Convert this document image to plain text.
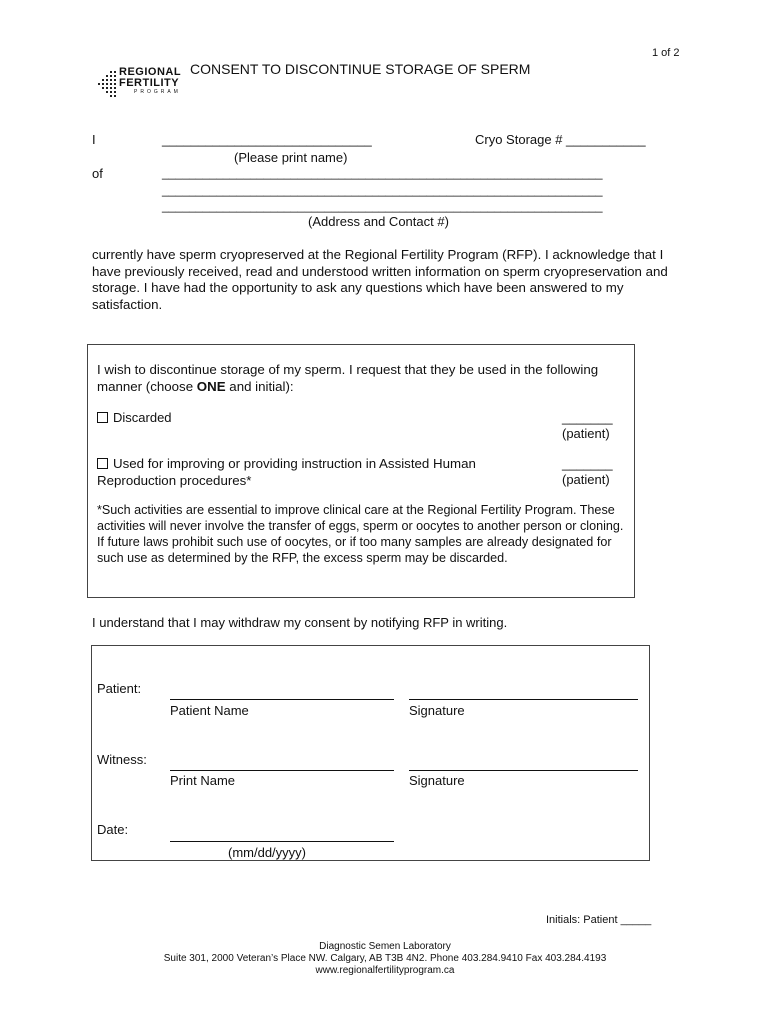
1 of 2
REGIONAL
FERTILITY
PROGRAM
CONSENT TO DISCONTINUE STORAGE OF SPERM
I	_____________________________
(Please print name)
Cryo Storage # ___________
of	_________________________________________________________________
_________________________________________________________________
_________________________________________________________________
(Address and Contact #)
currently have sperm cryopreserved at the Regional Fertility Program (RFP). I acknowledge that I have previously received, read and understood written information on sperm cryopreservation and storage. I have had the opportunity to ask any questions which have been answered to my satisfaction.
I wish to discontinue storage of my sperm. I request that they be used in the following manner (choose ONE and initial):
Discarded	_______
(patient)
Used for improving or providing instruction in Assisted Human Reproduction procedures*
_______
(patient)
*Such activities are essential to improve clinical care at the Regional Fertility Program. These activities will never involve the transfer of eggs, sperm or oocytes to another person or cloning. If future laws prohibit such use of oocytes, or if too many samples are already designated for such use as determined by the RFP, the excess sperm may be discarded.
I understand that I may withdraw my consent by notifying RFP in writing.
Patient:
Patient Name	Signature
Witness:
Print Name	Signature
Date:
(mm/dd/yyyy)
Initials: Patient _____
Diagnostic Semen Laboratory
Suite 301, 2000 Veteran’s Place NW. Calgary, AB T3B 4N2. Phone 403.284.9410 Fax 403.284.4193
www.regionalfertilityprogram.ca
